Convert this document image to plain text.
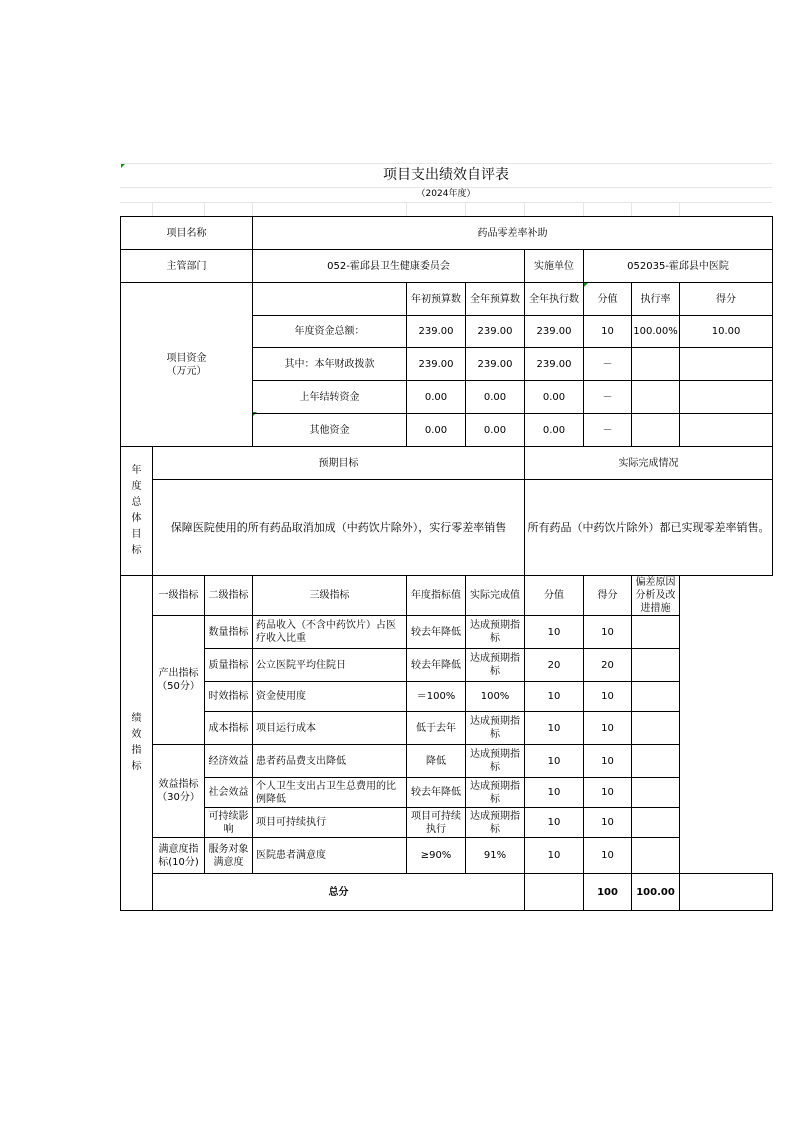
项目支出绩效自评表
（2024年度）
项目名称			药品零差率补助						
主管部门			052-霍邱县卫生健康委员会			实施单位	052035-霍邱县中医院		
项目资金
（万元）				年初预算数	全年预算数	全年执行数	分值	执行率	得分
			年度资金总额：	239.00	239.00	239.00	10	100.00%	10.00
			其中：本年财政拨款	239.00	239.00	239.00	－		
			上年结转资金	0.00	0.00	0.00	－		
			其他资金	0.00	0.00	0.00	－		

年度总体目标	预期目标					实际完成情况			
	保障医院使用的所有药品取消加成（中药饮片除外），实行零差率销售					所有药品（中药饮片除外）都已实现零差率销售。			

绩效指标	一级指标	二级指标	三级指标	年度指标值	实际完成值	分值	得分	偏差原因分析及改进措施	
	产出指标（50分）	数量指标	药品收入（不含中药饮片）占医疗收入比重	较去年降低	达成预期指标	10	10		
		质量指标	公立医院平均住院日	较去年降低	达成预期指标	20	20		
		时效指标	资金使用度	＝100%	100%	10	10		
		成本指标	项目运行成本	低于去年	达成预期指标	10	10		
	效益指标（30分）	经济效益	患者药品费支出降低	降低	达成预期指标	10	10		
		社会效益	个人卫生支出占卫生总费用的比例降低	较去年降低	达成预期指标	10	10		
		可持续影响	项目可持续执行	项目可持续执行	达成预期指标	10	10		
	满意度指标(10分)	服务对象满意度	医院患者满意度	≥90%	91%	10	10		
	总分						100	100.00	
